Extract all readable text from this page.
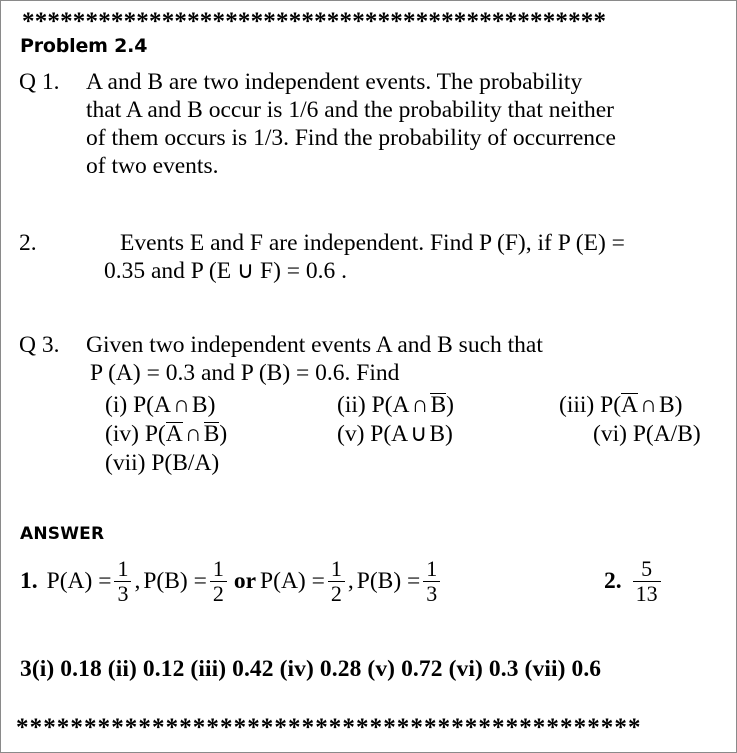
**********************************************
Problem 2.4
Q 1.	A and B are two independent events. The probability

that A and B occur is 1/6 and the probability that neither

of them occurs is 1/3. Find the probability of occurrence

of two events.

2.	Events E and F are independent. Find P (F), if P (E) =

0.35 and P (E ∪ F) = 0.6 .

Q 3.	Given two independent events A and B such that

P (A) = 0.3 and P (B) = 0.6. Find

(i) P(A∩B)	(ii) P(A∩B)	(iii) P(A∩B)
(iv) P(A∩B)	(v) P(A∪B)	(vi) P(A/B)
(vii) P(B/A)
ANSWER
1. $P(A) = \frac{1}{3}$ , $P(B) = \frac{1}{2}$ or $P(A) = \frac{1}{2}$ , $P(B) = \frac{1}{3}$	2. $\frac{5}{13}$
3(i) 0.18 (ii) 0.12 (iii) 0.42 (iv) 0.28 (v) 0.72 (vi) 0.3 (vii) 0.6
**********************************************
